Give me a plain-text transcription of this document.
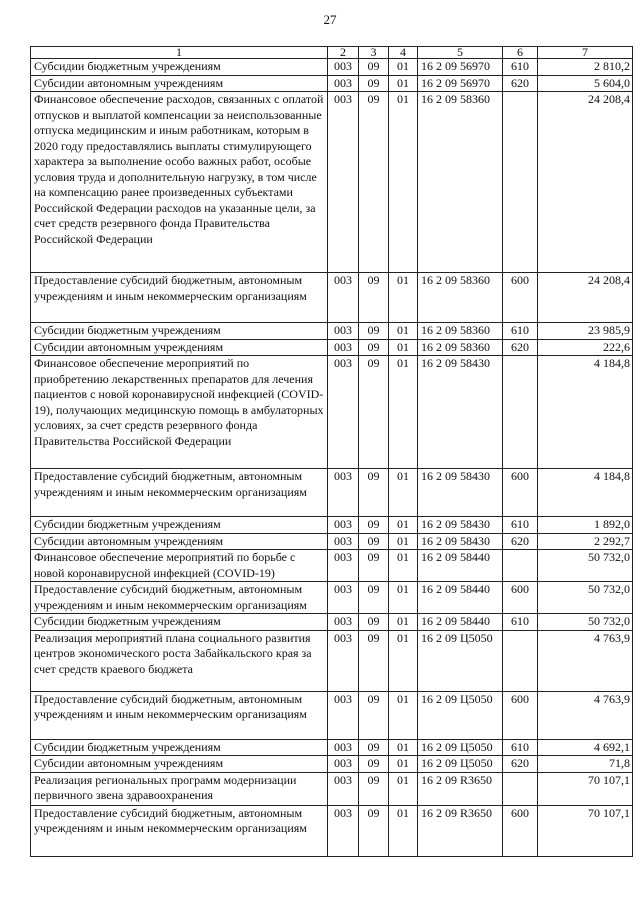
27
1	2	3	4	5	6	7
Субсидии бюджетным учреждениям	003	09	01	16 2 09 56970	610	2 810,2
Субсидии автономным учреждениям	003	09	01	16 2 09 56970	620	5 604,0
Финансовое обеспечение расходов, связанных с оплатой отпусков и выплатой компенсации за неиспользованные отпуска медицинским и иным работникам, которым в 2020 году предоставлялись выплаты стимулирующего характера за выполнение особо важных работ, особые условия труда и дополнительную нагрузку, в том числе на компенсацию ранее произведенных субъектами Российской Федерации расходов на указанные цели, за счет средств резервного фонда Правительства Российской Федерации	003	09	01	16 2 09 58360		24 208,4
Предоставление субсидий бюджетным, автономным учреждениям и иным некоммерческим организациям	003	09	01	16 2 09 58360	600	24 208,4
Субсидии бюджетным учреждениям	003	09	01	16 2 09 58360	610	23 985,9
Субсидии автономным учреждениям	003	09	01	16 2 09 58360	620	222,6
Финансовое обеспечение мероприятий по приобретению лекарственных препаратов для лечения пациентов с новой коронавирусной инфекцией (COVID-19), получающих медицинскую помощь в амбулаторных условиях, за счет средств резервного фонда Правительства Российской Федерации	003	09	01	16 2 09 58430		4 184,8
Предоставление субсидий бюджетным, автономным учреждениям и иным некоммерческим организациям	003	09	01	16 2 09 58430	600	4 184,8
Субсидии бюджетным учреждениям	003	09	01	16 2 09 58430	610	1 892,0
Субсидии автономным учреждениям	003	09	01	16 2 09 58430	620	2 292,7
Финансовое обеспечение мероприятий по борьбе с новой коронавирусной инфекцией (COVID-19)	003	09	01	16 2 09 58440		50 732,0
Предоставление субсидий бюджетным, автономным учреждениям и иным некоммерческим организациям	003	09	01	16 2 09 58440	600	50 732,0
Субсидии бюджетным учреждениям	003	09	01	16 2 09 58440	610	50 732,0
Реализация мероприятий плана социального развития центров экономического роста Забайкальского края за счет средств краевого бюджета	003	09	01	16 2 09 Ц5050		4 763,9
Предоставление субсидий бюджетным, автономным учреждениям и иным некоммерческим организациям	003	09	01	16 2 09 Ц5050	600	4 763,9
Субсидии бюджетным учреждениям	003	09	01	16 2 09 Ц5050	610	4 692,1
Субсидии автономным учреждениям	003	09	01	16 2 09 Ц5050	620	71,8
Реализация региональных программ модернизации первичного звена здравоохранения	003	09	01	16 2 09 R3650		70 107,1
Предоставление субсидий бюджетным, автономным учреждениям и иным некоммерческим организациям	003	09	01	16 2 09 R3650	600	70 107,1
